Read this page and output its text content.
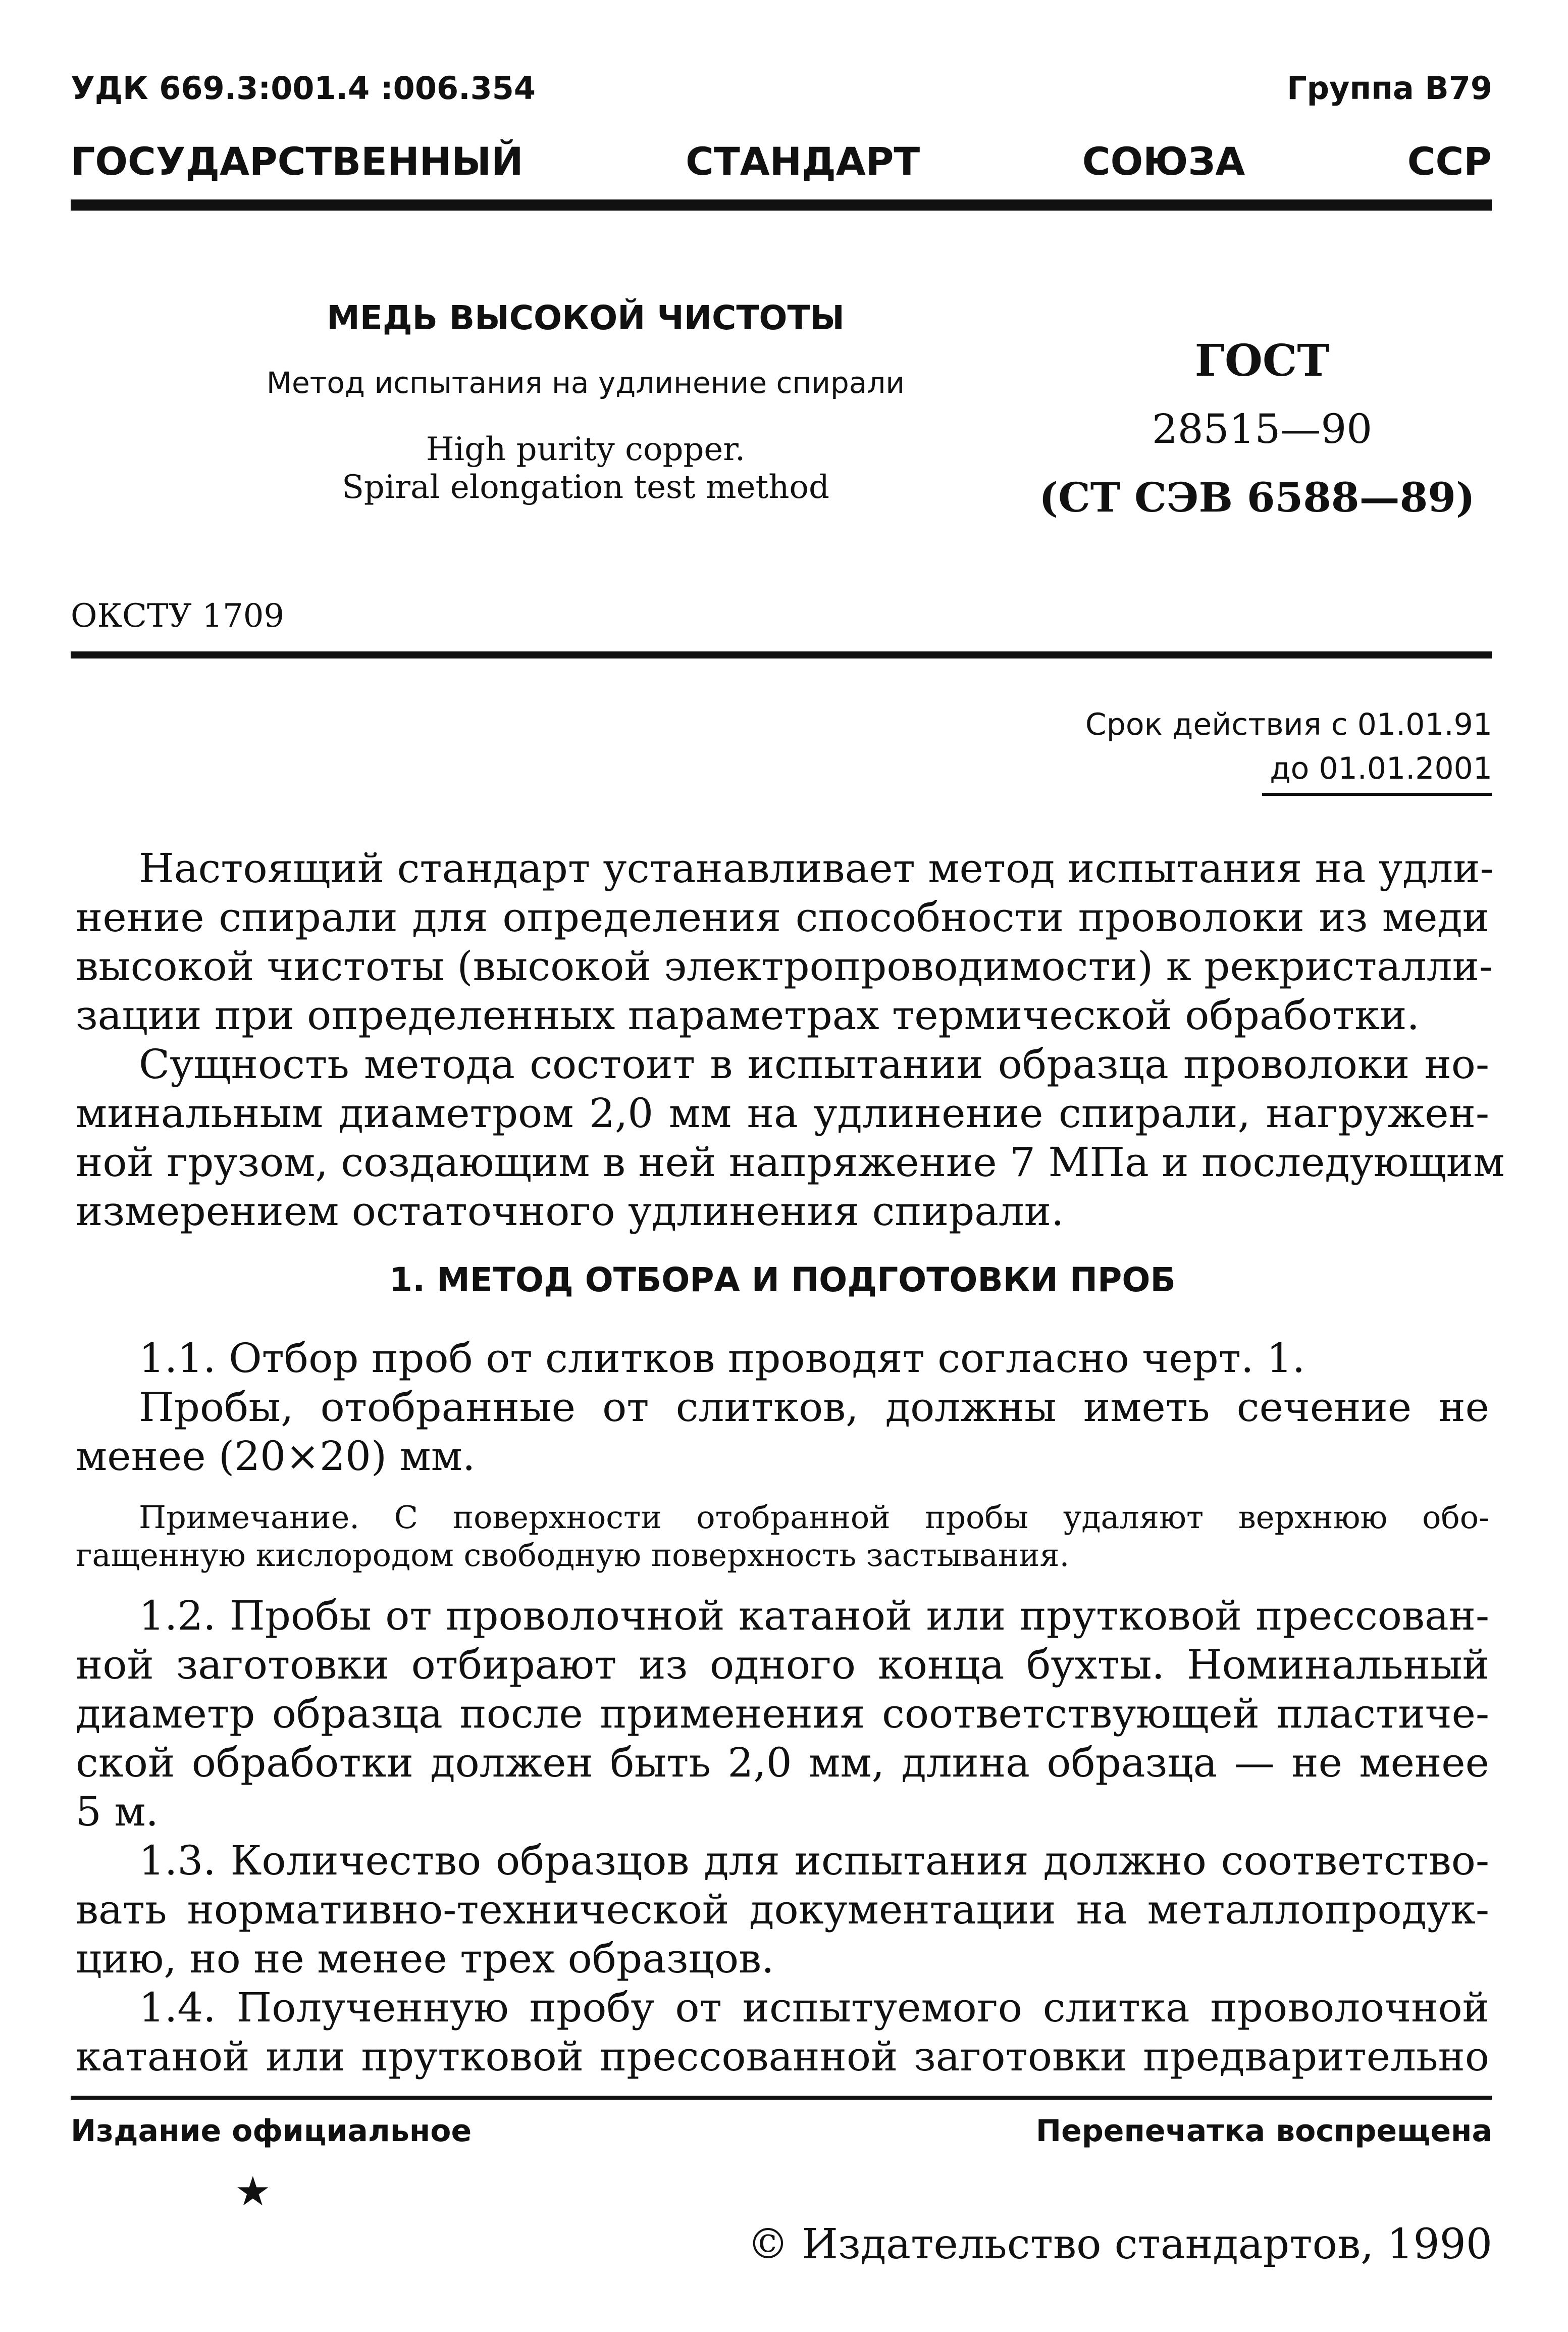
УДК 669.3:001.4 :006.354	Группа В79
ГОСУДАРСТВЕННЫЙ СТАНДАРТ СОЮЗА ССР
МЕДЬ ВЫСОКОЙ ЧИСТОТЫ
Метод испытания на удлинение спирали
High purity copper.
Spiral elongation test method
ГОСТ
28515—90
(СТ СЭВ 6588—89)
ОКСТУ 1709
Срок действия с 01.01.91
до 01.01.2001
Настоящий стандарт устанавливает метод испытания на удли-
нение спирали для определения способности проволоки из меди
высокой чистоты (высокой электропроводимости) к рекристалли-
зации при определенных параметрах термической обработки.
Сущность метода состоит в испытании образца проволоки но-
минальным диаметром 2,0 мм на удлинение спирали, нагружен-
ной грузом, создающим в ней напряжение 7 МПа и последующим
измерением остаточного удлинения спирали.
1. МЕТОД ОТБОРА И ПОДГОТОВКИ ПРОБ
1.1. Отбор проб от слитков проводят согласно черт. 1.
Пробы, отобранные от слитков, должны иметь сечение не
менее (20×20) мм.
Примечание. С поверхности отобранной пробы удаляют верхнюю обо-
гащенную кислородом свободную поверхность застывания.
1.2. Пробы от проволочной катаной или прутковой прессован-
ной заготовки отбирают из одного конца бухты. Номинальный
диаметр образца после применения соответствующей пластиче-
ской обработки должен быть 2,0 мм, длина образца — не менее
5 м.
1.3. Количество образцов для испытания должно соответство-
вать нормативно-технической документации на металлопродук-
цию, но не менее трех образцов.
1.4. Полученную пробу от испытуемого слитка проволочной
катаной или прутковой прессованной заготовки предварительно
Издание официальное	Перепечатка воспрещена
★
© Издательство стандартов, 1990
